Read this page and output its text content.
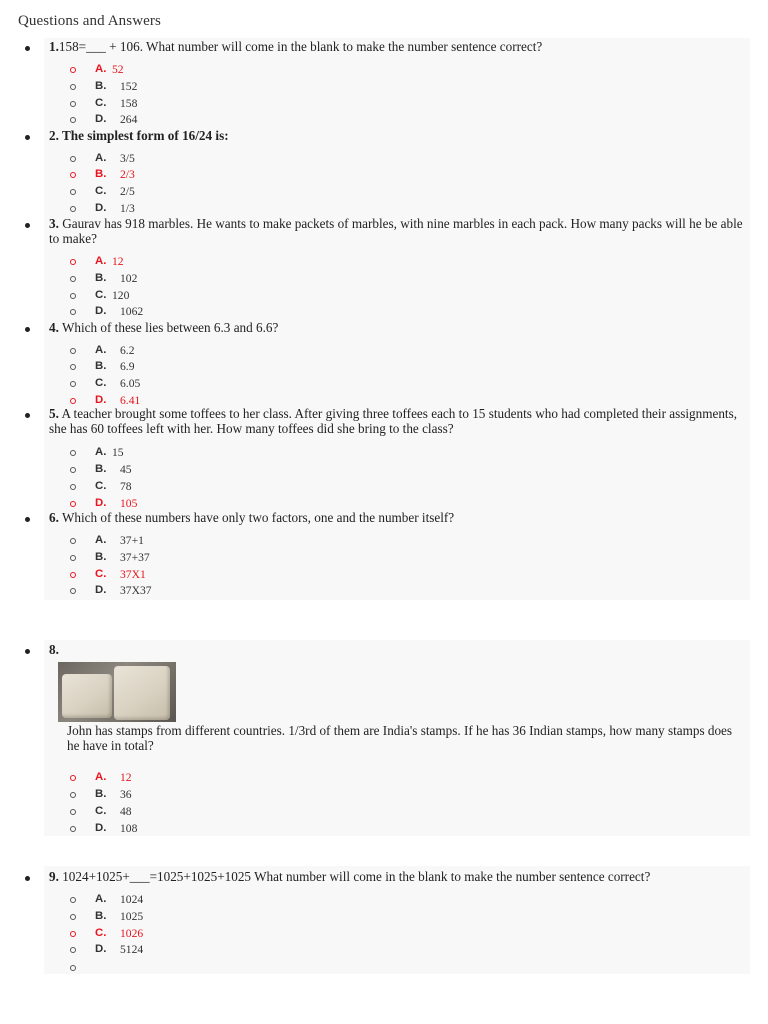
Questions and Answers
1.158=___ + 106. What number will come in the blank to make the number sentence correct?
A. 52
B. 152
C. 158
D. 264
2. The simplest form of 16/24 is:
A. 3/5
B. 2/3
C. 2/5
D. 1/3
3. Gaurav has 918 marbles. He wants to make packets of marbles, with nine marbles in each pack. How many packs will he be able to make?
A. 12
B. 102
C. 120
D. 1062
4. Which of these lies between 6.3 and 6.6?
A. 6.2
B. 6.9
C. 6.05
D. 6.41
5. A teacher brought some toffees to her class. After giving three toffees each to 15 students who had completed their assignments, she has 60 toffees left with her. How many toffees did she bring to the class?
A. 15
B. 45
C. 78
D. 105
6. Which of these numbers have only two factors, one and the number itself?
A. 37+1
B. 37+37
C. 37X1
D. 37X37
8.
John has stamps from different countries. 1/3rd of them are India's stamps. If he has 36 Indian stamps, how many stamps does he have in total?
A. 12
B. 36
C. 48
D. 108
9. 1024+1025+___=1025+1025+1025 What number will come in the blank to make the number sentence correct?
A. 1024
B. 1025
C. 1026
D. 5124
